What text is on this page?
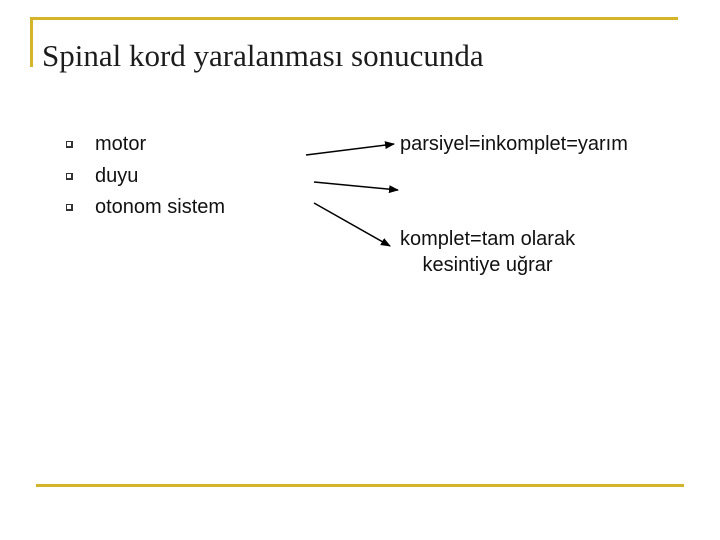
Spinal kord yaralanması sonucunda
motor
duyu
otonom sistem
parsiyel=inkomplet=yarım
komplet=tam olarak
kesintiye uğrar
